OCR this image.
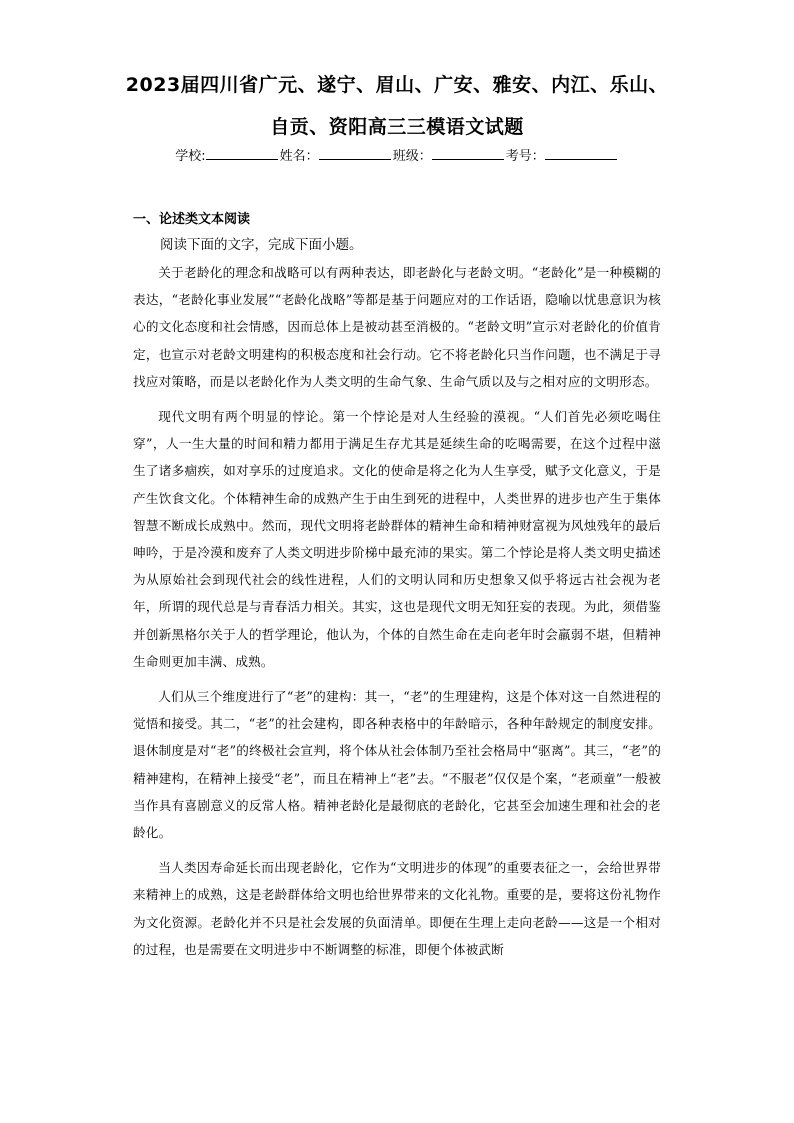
2023届四川省广元、遂宁、眉山、广安、雅安、内江、乐山、
自贡、资阳高三三模语文试题
学校:	姓名：	班级：	考号：
一、论述类文本阅读
阅读下面的文字，完成下面小题。

关于老龄化的理念和战略可以有两种表达，即老龄化与老龄文明。“老龄化”是一种模糊的表达，“老龄化事业发展”“老龄化战略”等都是基于问题应对的工作话语，隐喻以忧患意识为核心的文化态度和社会情感，因而总体上是被动甚至消极的。“老龄文明”宣示对老龄化的价值肯定，也宣示对老龄文明建构的积极态度和社会行动。它不将老龄化只当作问题，也不满足于寻找应对策略，而是以老龄化作为人类文明的生命气象、生命气质以及与之相对应的文明形态。

现代文明有两个明显的悖论。第一个悖论是对人生经验的漠视。“人们首先必须吃喝住穿”，人一生大量的时间和精力都用于满足生存尤其是延续生命的吃喝需要，在这个过程中滋生了诸多痼疾，如对享乐的过度追求。文化的使命是将之化为人生享受，赋予文化意义，于是产生饮食文化。个体精神生命的成熟产生于由生到死的进程中，人类世界的进步也产生于集体智慧不断成长成熟中。然而，现代文明将老龄群体的精神生命和精神财富视为风烛残年的最后呻吟，于是冷漠和废弃了人类文明进步阶梯中最充沛的果实。第二个悖论是将人类文明史描述为从原始社会到现代社会的线性进程，人们的文明认同和历史想象又似乎将远古社会视为老年，所谓的现代总是与青春活力相关。其实，这也是现代文明无知狂妄的表现。为此，须借鉴并创新黑格尔关于人的哲学理论，他认为，个体的自然生命在走向老年时会羸弱不堪，但精神生命则更加丰满、成熟。

人们从三个维度进行了“老”的建构：其一，“老”的生理建构，这是个体对这一自然进程的觉悟和接受。其二，“老”的社会建构，即各种表格中的年龄暗示，各种年龄规定的制度安排。退休制度是对“老”的终极社会宣判，将个体从社会体制乃至社会格局中“驱离”。其三，“老”的精神建构，在精神上接受“老”，而且在精神上“老”去。“不服老”仅仅是个案，“老顽童”一般被当作具有喜剧意义的反常人格。精神老龄化是最彻底的老龄化，它甚至会加速生理和社会的老龄化。

当人类因寿命延长而出现老龄化，它作为“文明进步的体现”的重要表征之一，会给世界带来精神上的成熟，这是老龄群体给文明也给世界带来的文化礼物。重要的是，要将这份礼物作为文化资源。老龄化并不只是社会发展的负面清单。即便在生理上走向老龄——这是一个相对的过程，也是需要在文明进步中不断调整的标准，即便个体被武断
